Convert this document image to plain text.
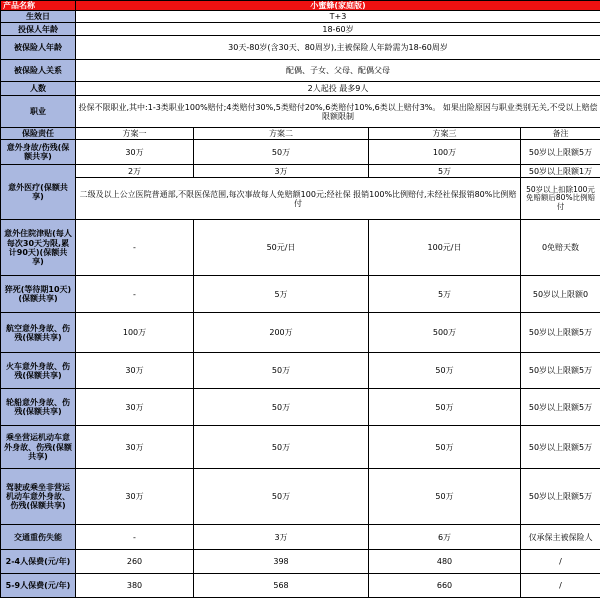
产品名称	小蜜蜂(家庭版)			
生效日	T+3			
投保人年龄	18-60岁			
被保险人年龄	30天-80岁(含30天、80周岁),主被保险人年龄需为18-60周岁			
被保险人关系	配偶、子女、父母、配偶父母			
人数	2人起投 最多9人			
职业	投保不限职业,其中:1-3类职业100%赔付;4类赔付30%,5类赔付20%,6类赔付10%,6类以上赔付3%。 如果出险原因与职业类别无关,不受以上赔偿限额限制			
保险责任	方案一	方案二	方案三	备注
意外身故/伤残(保额共享)	30万	50万	100万	50岁以上限额5万
意外医疗(保额共享)	2万	3万	5万	50岁以上限额1万
	二级及以上公立医院普通部,不限医保范围,每次事故每人免赔额100元;经社保 报销100%比例赔付,未经社保报销80%比例赔付			50岁以上扣除100元免赔额后80%比例赔付
意外住院津贴(每人每次30天为限,累计90天)(保额共享)	-	50元/日	100元/日	0免赔天数
猝死(等待期10天)(保额共享)	-	5万	5万	50岁以上限额0
航空意外身故、伤残(保额共享)	100万	200万	500万	50岁以上限额5万
火车意外身故、伤残(保额共享)	30万	50万	50万	50岁以上限额5万
轮船意外身故、伤残(保额共享)	30万	50万	50万	50岁以上限额5万
乘坐营运机动车意外身故、伤残(保额共享)	30万	50万	50万	50岁以上限额5万
驾驶或乘坐非营运机动车意外身故、伤残(保额共享)	30万	50万	50万	50岁以上限额5万
交通重伤失能	-	3万	6万	仅承保主被保险人
2-4人保费(元/年)	260	398	480	/
5-9人保费(元/年)	380	568	660	/
